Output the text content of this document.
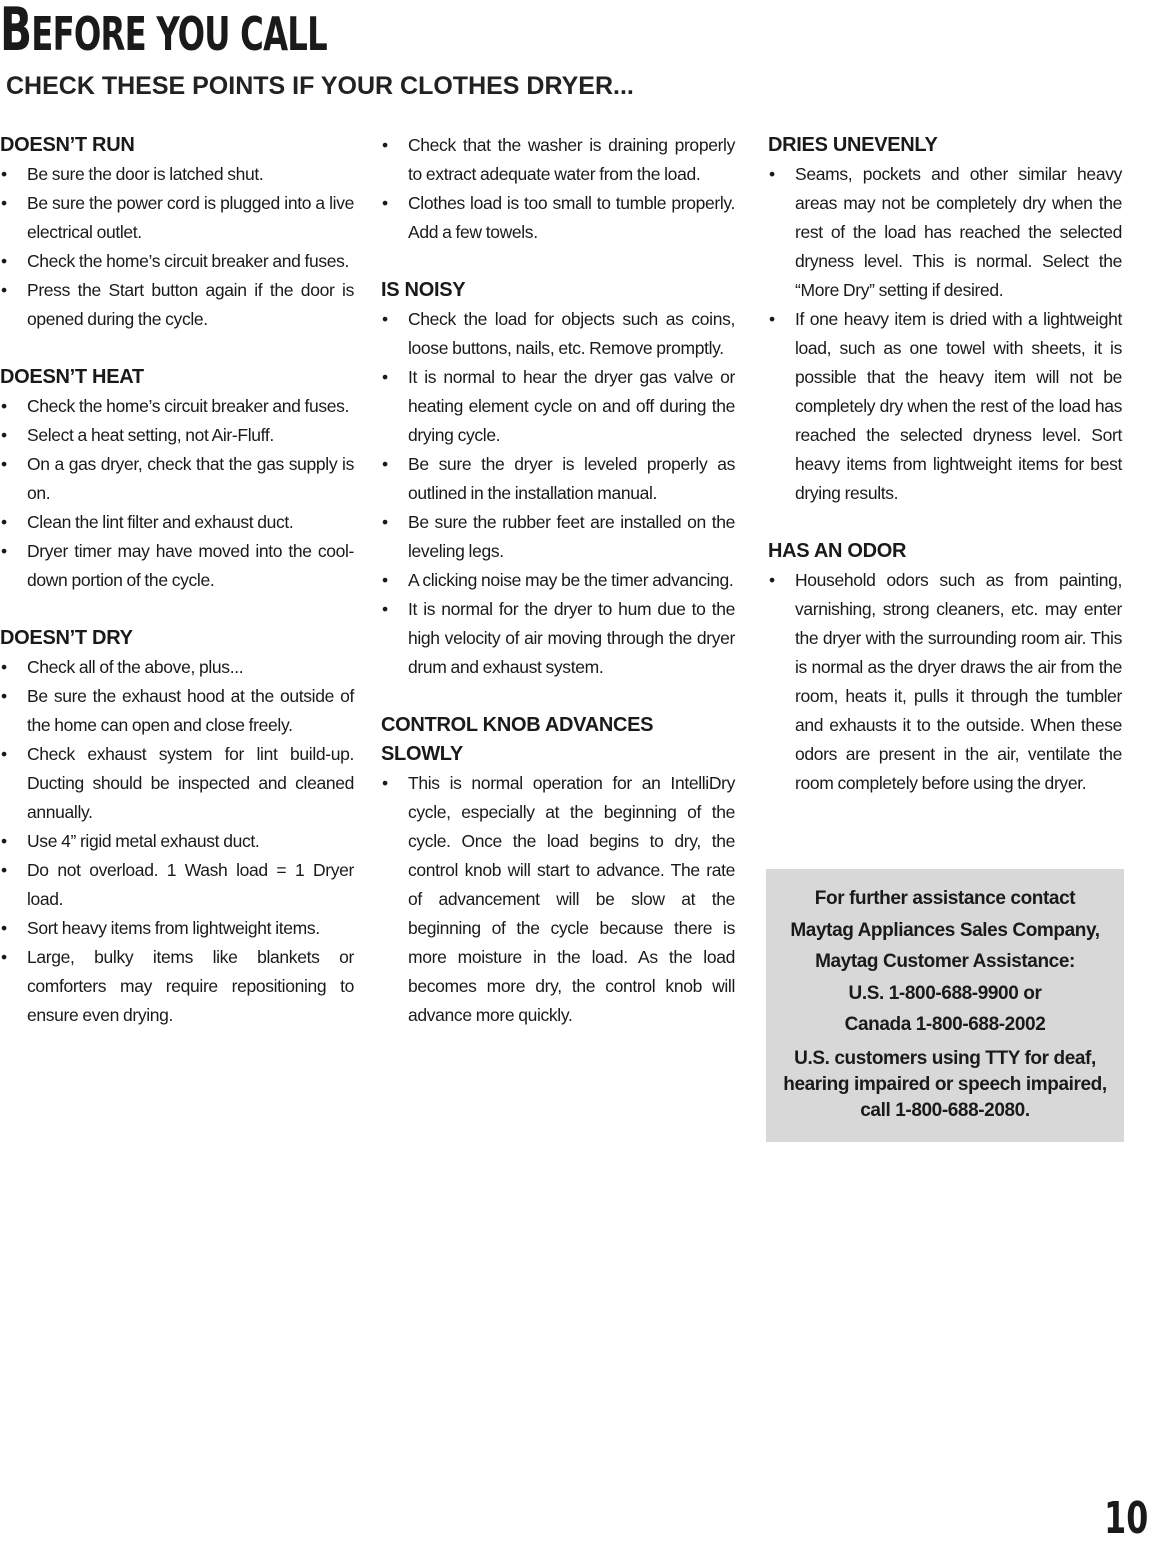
BEFORE YOU CALL
CHECK THESE POINTS IF YOUR CLOTHES DRYER...
DOESN’T RUN
•	Be sure the door is latched shut.
•	Be sure the power cord is plugged into a live electrical outlet.
•	Check the home’s circuit breaker and fuses.
•	Press the Start button again if the door is opened during the cycle.
DOESN’T HEAT
•	Check the home’s circuit breaker and fuses.
•	Select a heat setting, not Air-Fluff.
•	On a gas dryer, check that the gas supply is on.
•	Clean the lint filter and exhaust duct.
•	Dryer timer may have moved into the cool-down portion of the cycle.
DOESN’T DRY
•	Check all of the above, plus...
•	Be sure the exhaust hood at the outside of the home can open and close freely.
•	Check exhaust system for lint build-up. Ducting should be inspected and cleaned annually.
•	Use 4” rigid metal exhaust duct.
•	Do not overload. 1 Wash load = 1 Dryer load.
•	Sort heavy items from lightweight items.
•	Large, bulky items like blankets or comforters may require repositioning to ensure even drying.
•	Check that the washer is draining properly to extract adequate water from the load.
•	Clothes load is too small to tumble properly. Add a few towels.
IS NOISY
•	Check the load for objects such as coins, loose buttons, nails, etc. Remove promptly.
•	It is normal to hear the dryer gas valve or heating element cycle on and off during the drying cycle.
•	Be sure the dryer is leveled properly as outlined in the installation manual.
•	Be sure the rubber feet are installed on the leveling legs.
•	A clicking noise may be the timer advancing.
•	It is normal for the dryer to hum due to the high velocity of air moving through the dryer drum and exhaust system.
CONTROL KNOB ADVANCES SLOWLY
•	This is normal operation for an IntelliDry cycle, especially at the beginning of the cycle. Once the load begins to dry, the control knob will start to advance. The rate of advancement will be slow at the beginning of the cycle because there is more moisture in the load. As the load becomes more dry, the control knob will advance more quickly.
DRIES UNEVENLY
•	Seams, pockets and other similar heavy areas may not be completely dry when the rest of the load has reached the selected dryness level. This is normal. Select the “More Dry” setting if desired.
•	If one heavy item is dried with a lightweight load, such as one towel with sheets, it is possible that the heavy item will not be completely dry when the rest of the load has reached the selected dryness level. Sort heavy items from lightweight items for best drying results.
HAS AN ODOR
•	Household odors such as from painting, varnishing, strong cleaners, etc. may enter the dryer with the surrounding room air. This is normal as the dryer draws the air from the room, heats it, pulls it through the tumbler and exhausts it to the outside. When these odors are present in the air, ventilate the room completely before using the dryer.

For further assistance contact

Maytag Appliances Sales Company,

Maytag Customer Assistance:

U.S. 1-800-688-9900 or

Canada 1-800-688-2002

U.S. customers using TTY for deaf, hearing impaired or speech impaired, call 1-800-688-2080.

10
